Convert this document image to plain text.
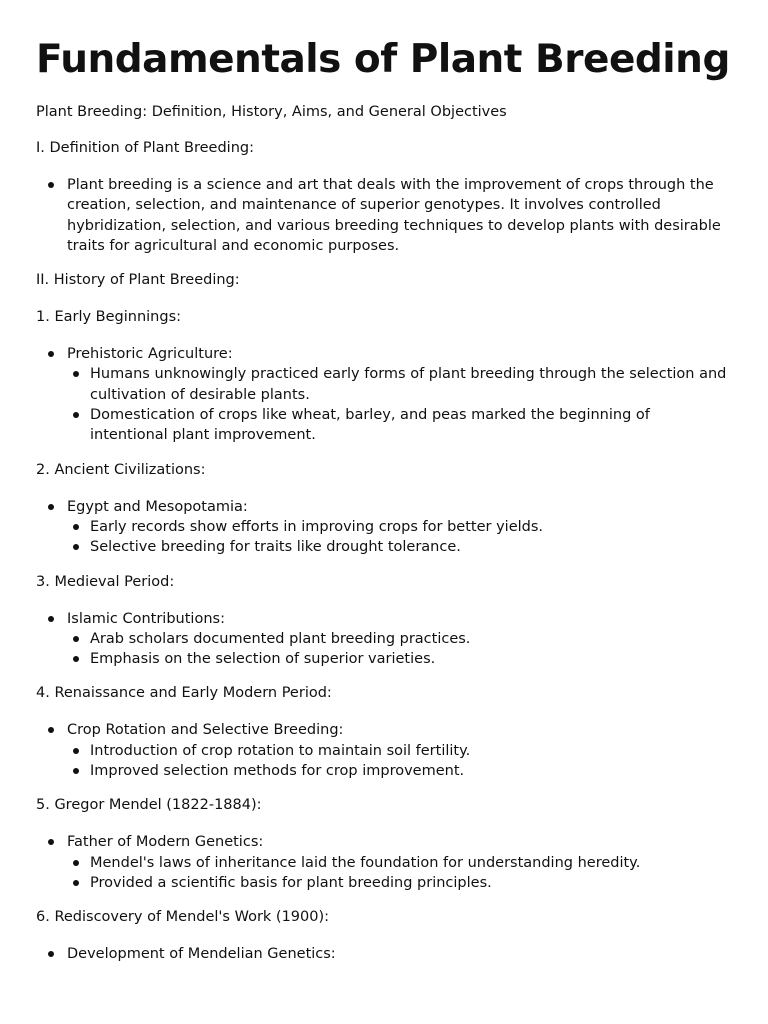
Fundamentals of Plant Breeding

Plant Breeding: Definition, History, Aims, and General Objectives

I. Definition of Plant Breeding:

Plant breeding is a science and art that deals with the improvement of crops through the creation, selection, and maintenance of superior genotypes. It involves controlled hybridization, selection, and various breeding techniques to develop plants with desirable traits for agricultural and economic purposes.

II. History of Plant Breeding:

1. Early Beginnings:

Prehistoric Agriculture:
Humans unknowingly practiced early forms of plant breeding through the selection and cultivation of desirable plants.
Domestication of crops like wheat, barley, and peas marked the beginning of intentional plant improvement.

2. Ancient Civilizations:

Egypt and Mesopotamia:
Early records show efforts in improving crops for better yields.
Selective breeding for traits like drought tolerance.

3. Medieval Period:

Islamic Contributions:
Arab scholars documented plant breeding practices.
Emphasis on the selection of superior varieties.

4. Renaissance and Early Modern Period:

Crop Rotation and Selective Breeding:
Introduction of crop rotation to maintain soil fertility.
Improved selection methods for crop improvement.

5. Gregor Mendel (1822-1884):

Father of Modern Genetics:
Mendel's laws of inheritance laid the foundation for understanding heredity.
Provided a scientific basis for plant breeding principles.

6. Rediscovery of Mendel's Work (1900):

Development of Mendelian Genetics:
